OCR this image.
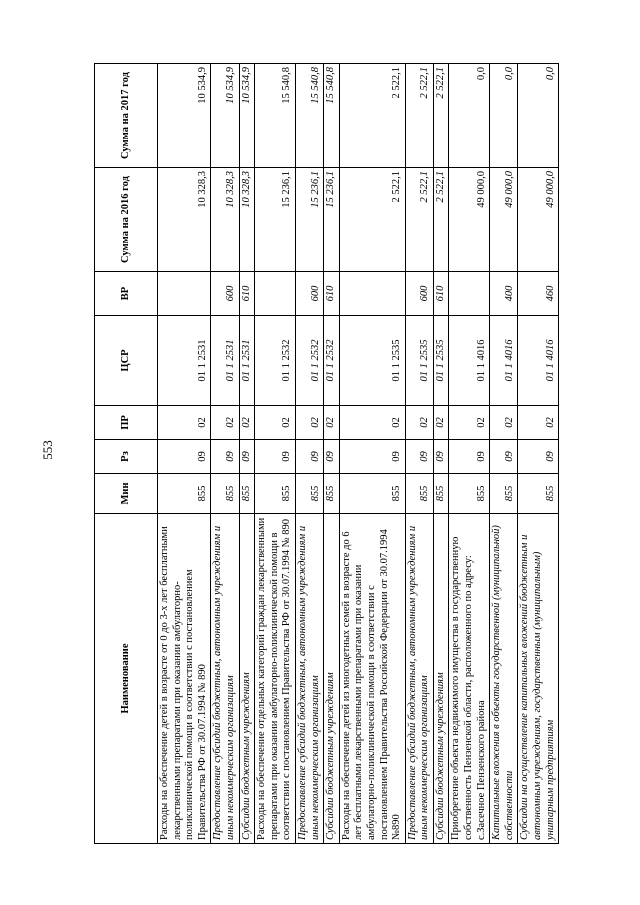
553
Наименование	Мин	Рз	ПР	ЦСР	ВР	Сумма на 2016 год	Сумма на 2017 год
Расходы на обеспечение детей в возрасте от 0 до 3-х лет бесплатными лекарственными препаратами при оказании амбулаторно-поликлинической помощи в соответствии с постановлением Правительства РФ от 30.07.1994 № 890	855	09	02	01 1 2531		10 328,3	10 534,9
Предоставление субсидий бюджетным, автономным учреждениям и иным некоммерческим организациям	855	09	02	01 1 2531	600	10 328,3	10 534,9
Субсидии бюджетным учреждениям	855	09	02	01 1 2531	610	10 328,3	10 534,9
Расходы на обеспечение отдельных категорий граждан лекарственными препаратами при оказании амбулаторно-поликлинической помощи в соответствии с постановлением Правительства РФ от 30.07.1994 № 890	855	09	02	01 1 2532		15 236,1	15 540,8
Предоставление субсидий бюджетным, автономным учреждениям и иным некоммерческим организациям	855	09	02	01 1 2532	600	15 236,1	15 540,8
Субсидии бюджетным учреждениям	855	09	02	01 1 2532	610	15 236,1	15 540,8
Расходы на обеспечение детей из многодетных семей в возрасте до 6 лет бесплатными лекарственными препаратами при оказании амбулаторно-поликлинической помощи в соответствии с постановлением Правительства Российской Федерации от 30.07.1994 №890	855	09	02	01 1 2535		2 522,1	2 522,1
Предоставление субсидий бюджетным, автономным учреждениям и иным некоммерческим организациям	855	09	02	01 1 2535	600	2 522,1	2 522,1
Субсидии бюджетным учреждениям	855	09	02	01 1 2535	610	2 522,1	2 522,1
Приобретение объекта недвижимого имущества в государственную собственность Пензенской области, расположенного по адресу: с.Засечное Пензенского района	855	09	02	01 1 4016		49 000,0	0,0
Капитальные вложения в объекты государственной (муниципальной) собственности	855	09	02	01 1 4016	400	49 000,0	0,0
Субсидии на осуществление капитальных вложений бюджетным и автономным учреждениям, государственным (муниципальным) унитарным предприятиям	855	09	02	01 1 4016	460	49 000,0	0,0
